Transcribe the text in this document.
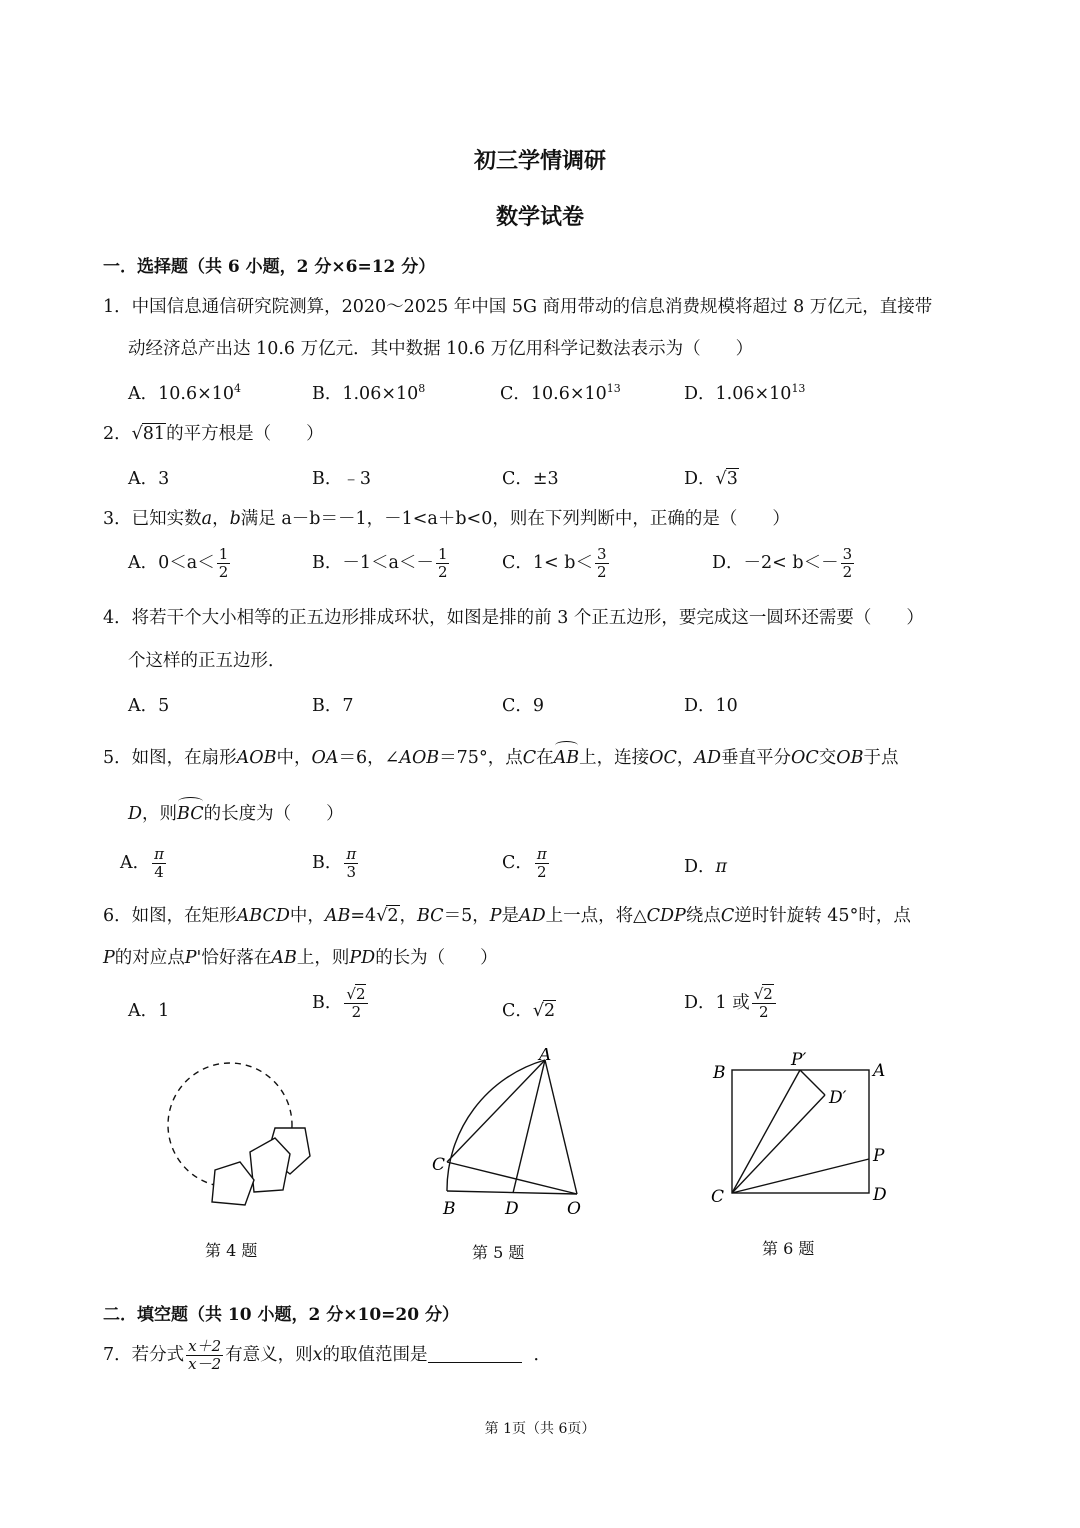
初三学情调研
数学试卷
一．选择题（共 6 小题，2 分×6=12 分）
1．中国信息通信研究院测算，2020～2025 年中国 5G 商用带动的信息消费规模将超过 8 万亿元，直接带
动经济总产出达 10.6 万亿元．其中数据 10.6 万亿用科学记数法表示为（　　）
A．$10.6\times 10^4$	B．$1.06\times 10^8$	C．$10.6\times 10^{13}$	D．$1.06\times 10^{13}$
2．√81的平方根是（　　）
A．3	B．﹣3	C．±3	D．√3
3．已知实数a，b满足 a－b＝－1，－1<a＋b<0，则在下列判断中，正确的是（　　）
A．$0<a< \frac{1}{2}$	B．$-1<a<- \frac{1}{2}$	C．$1< b< \frac{3}{2}$	D．$-2< b<- \frac{3}{2}$
4．将若干个大小相等的正五边形排成环状，如图是排的前 3 个正五边形，要完成这一圆环还需要（　　）
个这样的正五边形．
A．5	B．7	C．9	D．10
5．如图，在扇形AOB中，OA＝6，∠AOB＝75°，点C在AB上，连接OC，AD垂直平分OC交OB于点
D，则BC的长度为（　　）
A． $\frac{\pi}{4}$	B． $\frac{\pi}{3}$	C． $\frac{\pi}{2}$	D．π
6．如图，在矩形ABCD中，AB=4√2，BC＝5，P是AD上一点，将△CDP绕点C逆时针旋转 45°时，点
P的对应点P'恰好落在AB上，则PD的长为（　　）
A．1	B． $\frac{√2}{2}$	C．√2	D．1 或 $\frac{√2}{2}$
第 4 题
A
C
B	D	O
第 5 题
B
P′
A
D′
P
C	D
第 6 题
二．填空题（共 10 小题，2 分×10=20 分）
7．若分式 $\frac{x+2}{x-2}$ 有意义，则x的取值范围是	．
第 1页（共 6页）
